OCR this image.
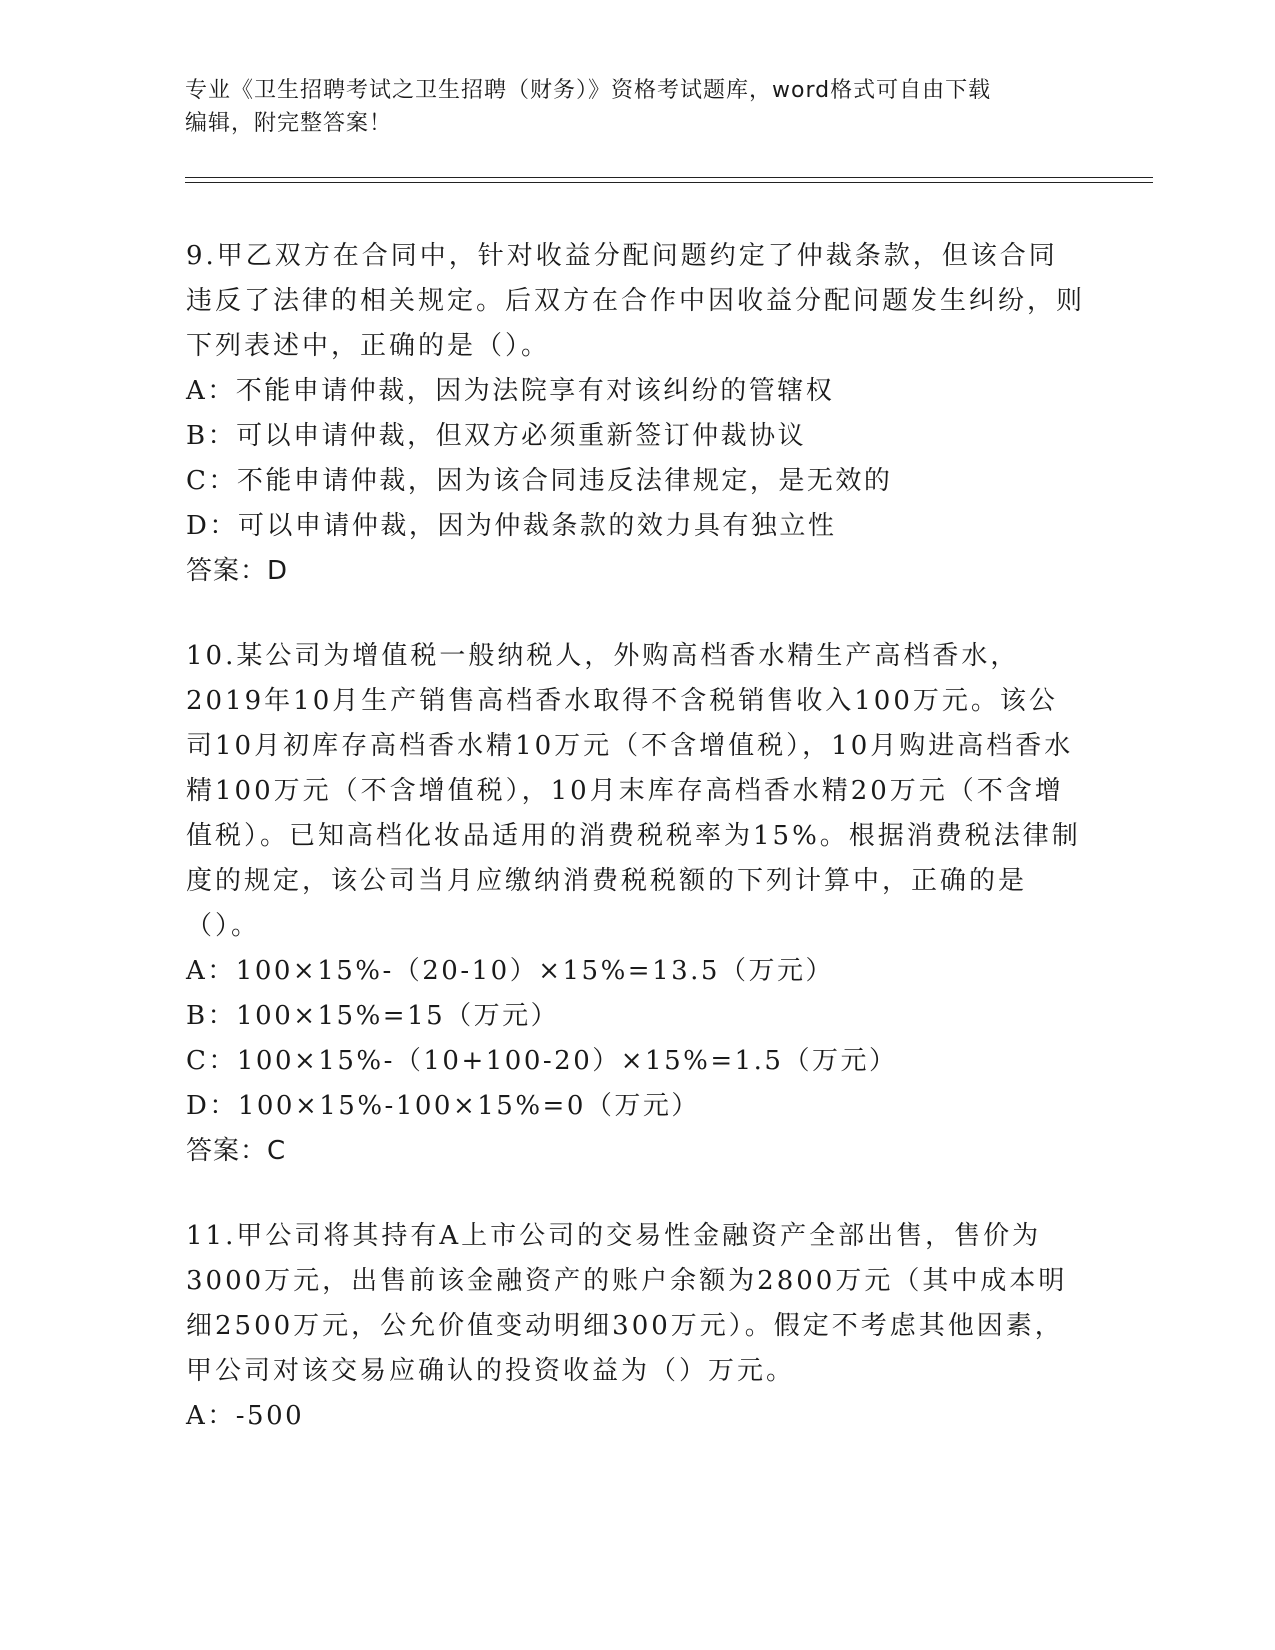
专业《卫生招聘考试之卫生招聘（财务）》资格考试题库，word格式可自由下载
编辑，附完整答案！

9.甲乙双方在合同中，针对收益分配问题约定了仲裁条款，但该合同违反了法律的相关规定。后双方在合作中因收益分配问题发生纠纷，则下列表述中，正确的是（）。

A：不能申请仲裁，因为法院享有对该纠纷的管辖权

B：可以申请仲裁，但双方必须重新签订仲裁协议

C：不能申请仲裁，因为该合同违反法律规定，是无效的

D：可以申请仲裁，因为仲裁条款的效力具有独立性

答案：D

10.某公司为增值税一般纳税人，外购高档香水精生产高档香水，2019年10月生产销售高档香水取得不含税销售收入100万元。该公司10月初库存高档香水精10万元（不含增值税），10月购进高档香水精100万元（不含增值税），10月末库存高档香水精20万元（不含增值税）。已知高档化妆品适用的消费税税率为15%。根据消费税法律制度的规定，该公司当月应缴纳消费税税额的下列计算中，正确的是（）。

A：100×15%-（20-10）×15%=13.5（万元）

B：100×15%=15（万元）

C：100×15%-（10+100-20）×15%=1.5（万元）

D：100×15%-100×15%=0（万元）

答案：C

11.甲公司将其持有A上市公司的交易性金融资产全部出售，售价为3000万元，出售前该金融资产的账户余额为2800万元（其中成本明细2500万元，公允价值变动明细300万元）。假定不考虑其他因素，甲公司对该交易应确认的投资收益为（）万元。

A：-500
